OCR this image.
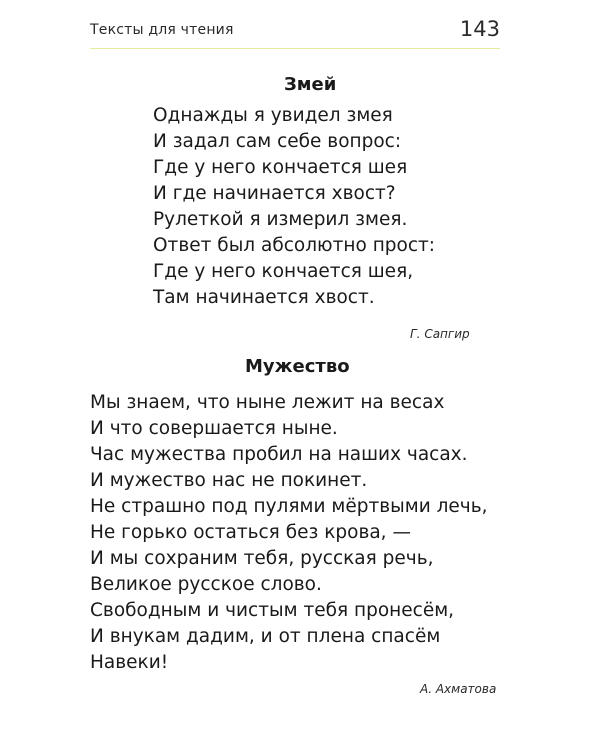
Тексты для чтения	143
Змей
Однажды я увидел змея
И задал сам себе вопрос:
Где у него кончается шея
И где начинается хвост?
Рулеткой я измерил змея.
Ответ был абсолютно прост:
Где у него кончается шея,
Там начинается хвост.
Г. Сапгир
Мужество
Мы знаем, что ныне лежит на весах
И что совершается ныне.
Час мужества пробил на наших часах.
И мужество нас не покинет.
Не страшно под пулями мёртвыми лечь,
Не горько остаться без крова, —
И мы сохраним тебя, русская речь,
Великое русское слово.
Свободным и чистым тебя пронесём,
И внукам дадим, и от плена спасём
Навеки!
А. Ахматова
